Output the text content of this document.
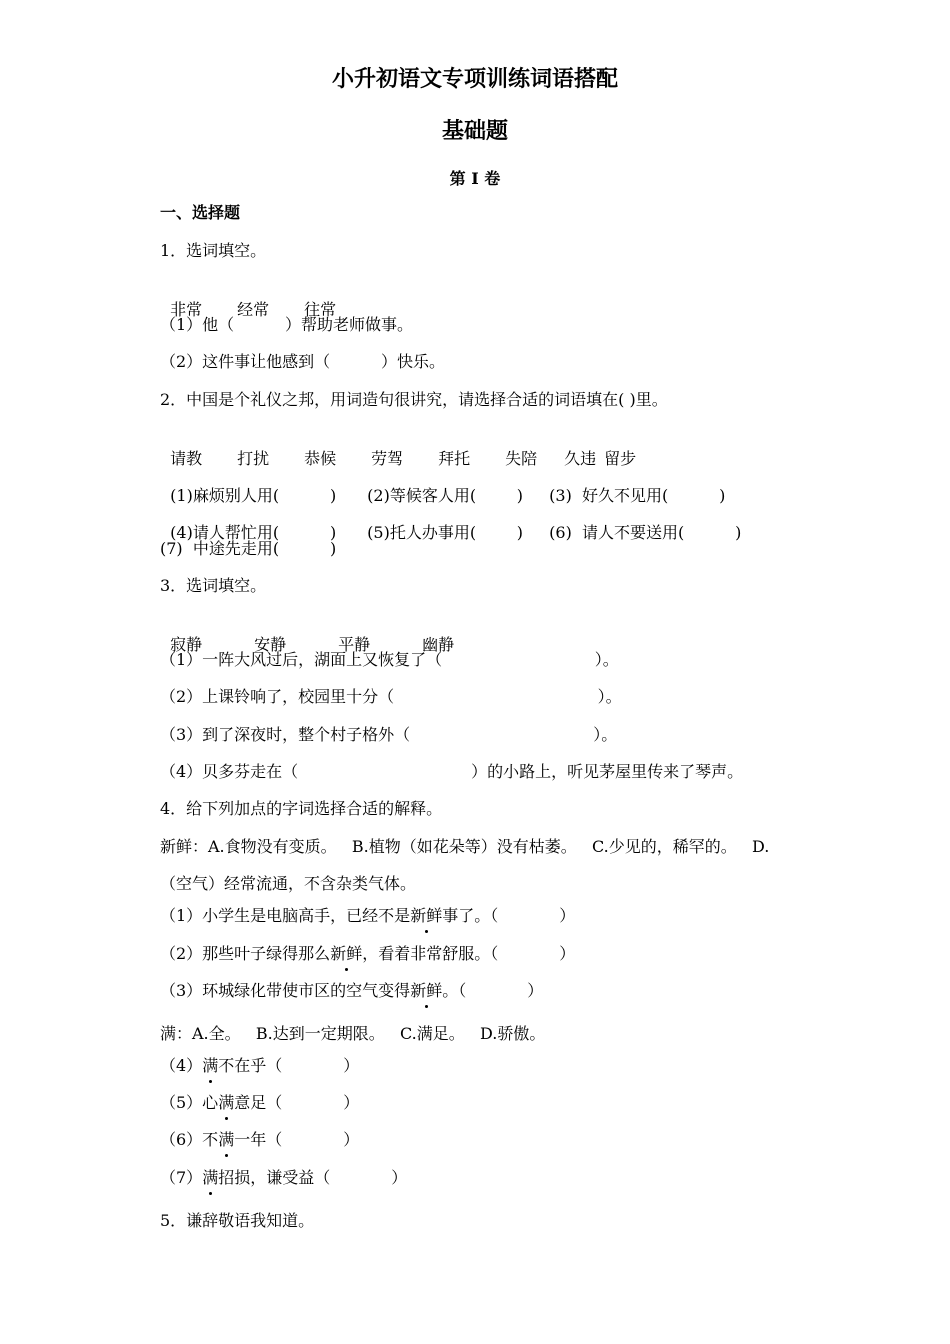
小升初语文专项训练词语搭配
基础题
第 I 卷
一、选择题
1．选词填空。

非常 经常 往常

（1）他（          ）帮助老师做事。
（2）这件事让他感到（          ）快乐。
2．中国是个礼仪之邦，用词造句很讲究，请选择合适的词语填在( )里。

请教 打扰 恭候 劳驾 拜托 失陪 久违 留步

(1)麻烦别人用(          ) (2)等候客人用(        ) (3)  好久不见用(          )

(4)请人帮忙用(          ) (5)托人办事用(        ) (6)  请人不要送用(          )

(7)  中途先走用(          )
3．选词填空。

寂静	安静	平静	幽静

（1）一阵大风过后，湖面上又恢复了（                              ）。
（2）上课铃响了，校园里十分（                                        ）。
（3）到了深夜时，整个村子格外（                                    ）。
（4）贝多芬走在（                                  ）的小路上，听见茅屋里传来了琴声。
4．给下列加点的字词选择合适的解释。
新鲜：A.食物没有变质。   B.植物（如花朵等）没有枯萎。   C.少见的，稀罕的。   D.
（空气）经常流通，不含杂类气体。
（1）小学生是电脑高手，已经不是新鲜事了。（            ）
（2）那些叶子绿得那么新鲜，看着非常舒服。（            ）
（3）环城绿化带使市区的空气变得新鲜。（            ）
满：A.全。   B.达到一定期限。   C.满足。   D.骄傲。
（4）满不在乎（            ）
（5）心满意足（            ）
（6）不满一年（            ）
（7）满招损，谦受益（            ）
5．谦辞敬语我知道。
